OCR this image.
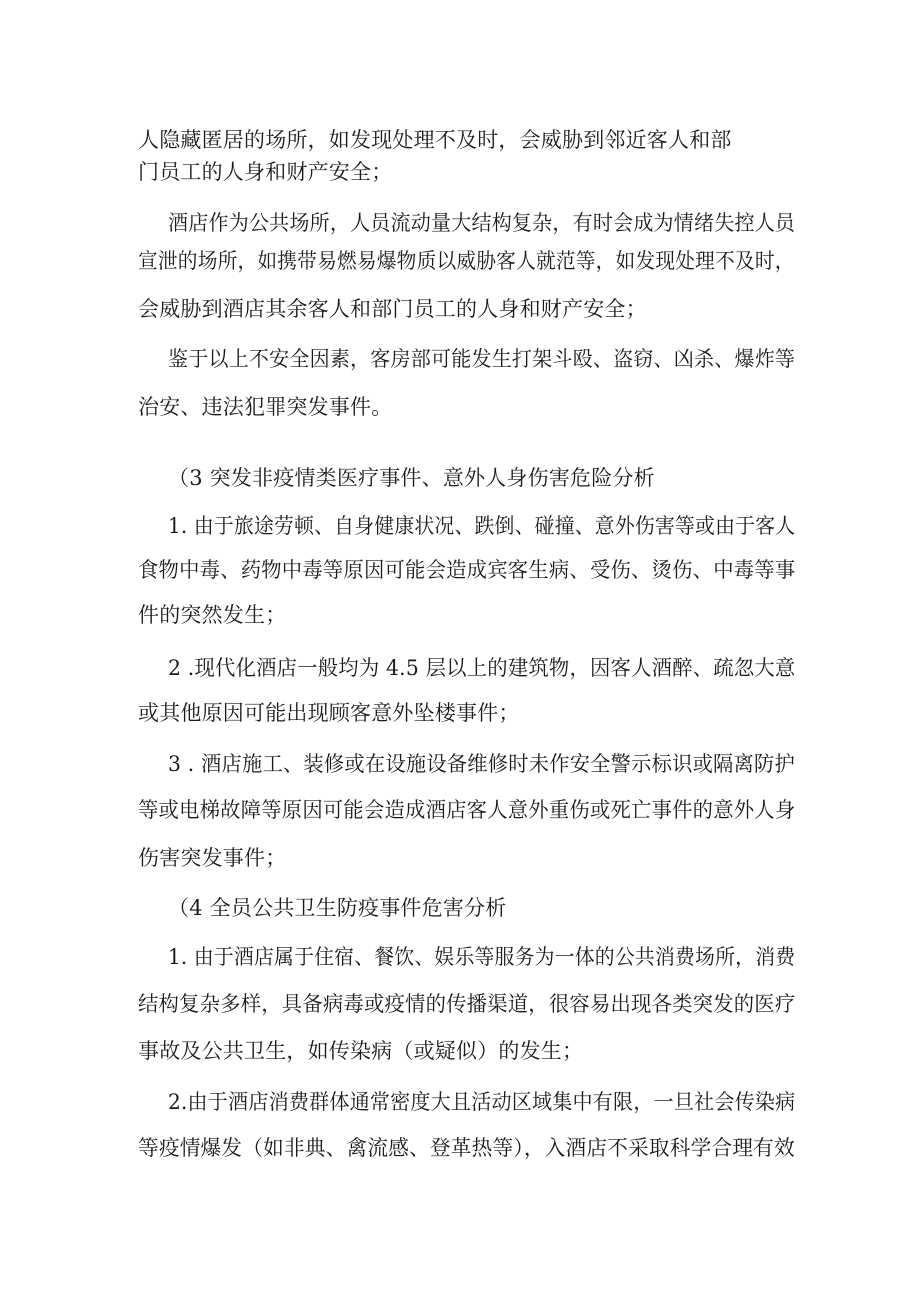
人隐藏匿居的场所，如发现处理不及时，会威胁到邻近客人和部
门员工的人身和财产安全；
酒店作为公共场所，人员流动量大结构复杂，有时会成为情绪失控人员
宣泄的场所，如携带易燃易爆物质以威胁客人就范等，如发现处理不及时，
会威胁到酒店其余客人和部门员工的人身和财产安全；
鉴于以上不安全因素，客房部可能发生打架斗殴、盗窃、凶杀、爆炸等
治安、违法犯罪突发事件。
（3 突发非疫情类医疗事件、意外人身伤害危险分析
1. 由于旅途劳顿、自身健康状况、跌倒、碰撞、意外伤害等或由于客人
食物中毒、药物中毒等原因可能会造成宾客生病、受伤、烫伤、中毒等事
件的突然发生；
2 .现代化酒店一般均为 4.5 层以上的建筑物，因客人酒醉、疏忽大意
或其他原因可能出现顾客意外坠楼事件；
3 . 酒店施工、装修或在设施设备维修时未作安全警示标识或隔离防护
等或电梯故障等原因可能会造成酒店客人意外重伤或死亡事件的意外人身
伤害突发事件；
（4 全员公共卫生防疫事件危害分析
1. 由于酒店属于住宿、餐饮、娱乐等服务为一体的公共消费场所，消费
结构复杂多样，具备病毒或疫情的传播渠道，很容易出现各类突发的医疗
事故及公共卫生，如传染病（或疑似）的发生；
2.由于酒店消费群体通常密度大且活动区域集中有限，一旦社会传染病
等疫情爆发（如非典、禽流感、登革热等），入酒店不采取科学合理有效
